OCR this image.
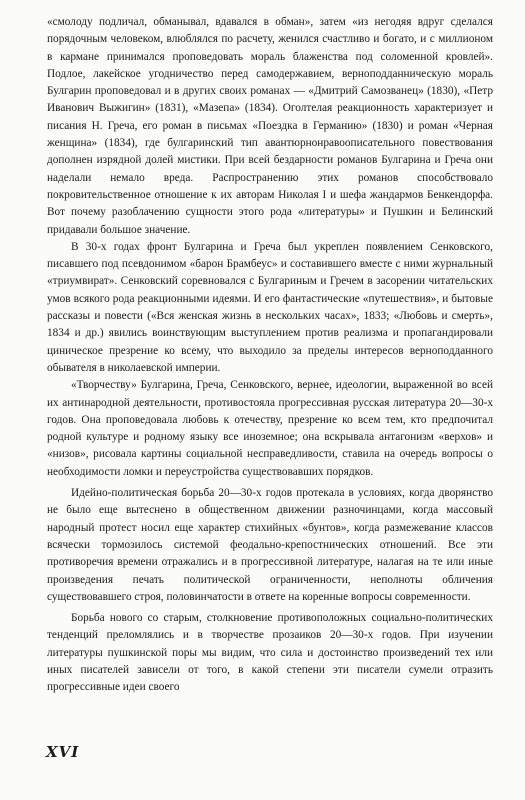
«смолоду подличал, обманывал, вдавался в обман», затем «из негодяя вдруг сделался порядочным человеком, влюблялся по расчету, женился счастливо и богато, и с миллионом в кармане принимался проповедовать мораль блаженства под соломенной кровлей». Подлое, лакейское угодничество перед самодержавием, верноподданническую мораль Булгарин проповедовал и в других своих романах — «Дмитрий Самозванец» (1830), «Петр Иванович Выжигин» (1831), «Мазепа» (1834). Оголтелая реакционность характеризует и писания Н. Греча, его роман в письмах «Поездка в Германию» (1830) и роман «Черная женщина» (1834), где булгаринский тип авантюрнонравоописательного повествования дополнен изрядной долей мистики. При всей бездарности романов Булгарина и Греча они наделали немало вреда. Распространению этих романов способствовало покровительственное отношение к их авторам Николая I и шефа жандармов Бенкендорфа. Вот почему разоблачению сущности этого рода «литературы» и Пушкин и Белинский придавали большое значение.

В 30-х годах фронт Булгарина и Греча был укреплен появлением Сенковского, писавшего под псевдонимом «барон Брамбеус» и составившего вместе с ними журнальный «триумвират». Сенковский соревновался с Булгариным и Гречем в засорении читательских умов всякого рода реакционными идеями. И его фантастические «путешествия», и бытовые рассказы и повести («Вся женская жизнь в нескольких часах», 1833; «Любовь и смерть», 1834 и др.) явились воинствующим выступлением против реализма и пропагандировали циническое презрение ко всему, что выходило за пределы интересов верноподданного обывателя в николаевской империи.

«Творчеству» Булгарина, Греча, Сенковского, вернее, идеологии, выраженной во всей их антинародной деятельности, противостояла прогрессивная русская литература 20—30-х годов. Она проповедовала любовь к отечеству, презрение ко всем тем, кто предпочитал родной культуре и родному языку все иноземное; она вскрывала антагонизм «верхов» и «низов», рисовала картины социальной несправедливости, ставила на очередь вопросы о необходимости ломки и переустройства существовавших порядков.

Идейно-политическая борьба 20—30-х годов протекала в условиях, когда дворянство не было еще вытеснено в общественном движении разночинцами, когда массовый народный протест носил еще характер стихийных «бунтов», когда размежевание классов всячески тормозилось системой феодально-крепостнических отношений. Все эти противоречия времени отражались и в прогрессивной литературе, налагая на те или иные произведения печать политической ограниченности, неполноты обличения существовавшего строя, половинчатости в ответе на коренные вопросы современности.

Борьба нового со старым, столкновение противоположных социально-политических тенденций преломлялись и в творчестве прозаиков 20—30-х годов. При изучении литературы пушкинской поры мы видим, что сила и достоинство произведений тех или иных писателей зависели от того, в какой степени эти писатели сумели отразить прогрессивные идеи своего

XVI
